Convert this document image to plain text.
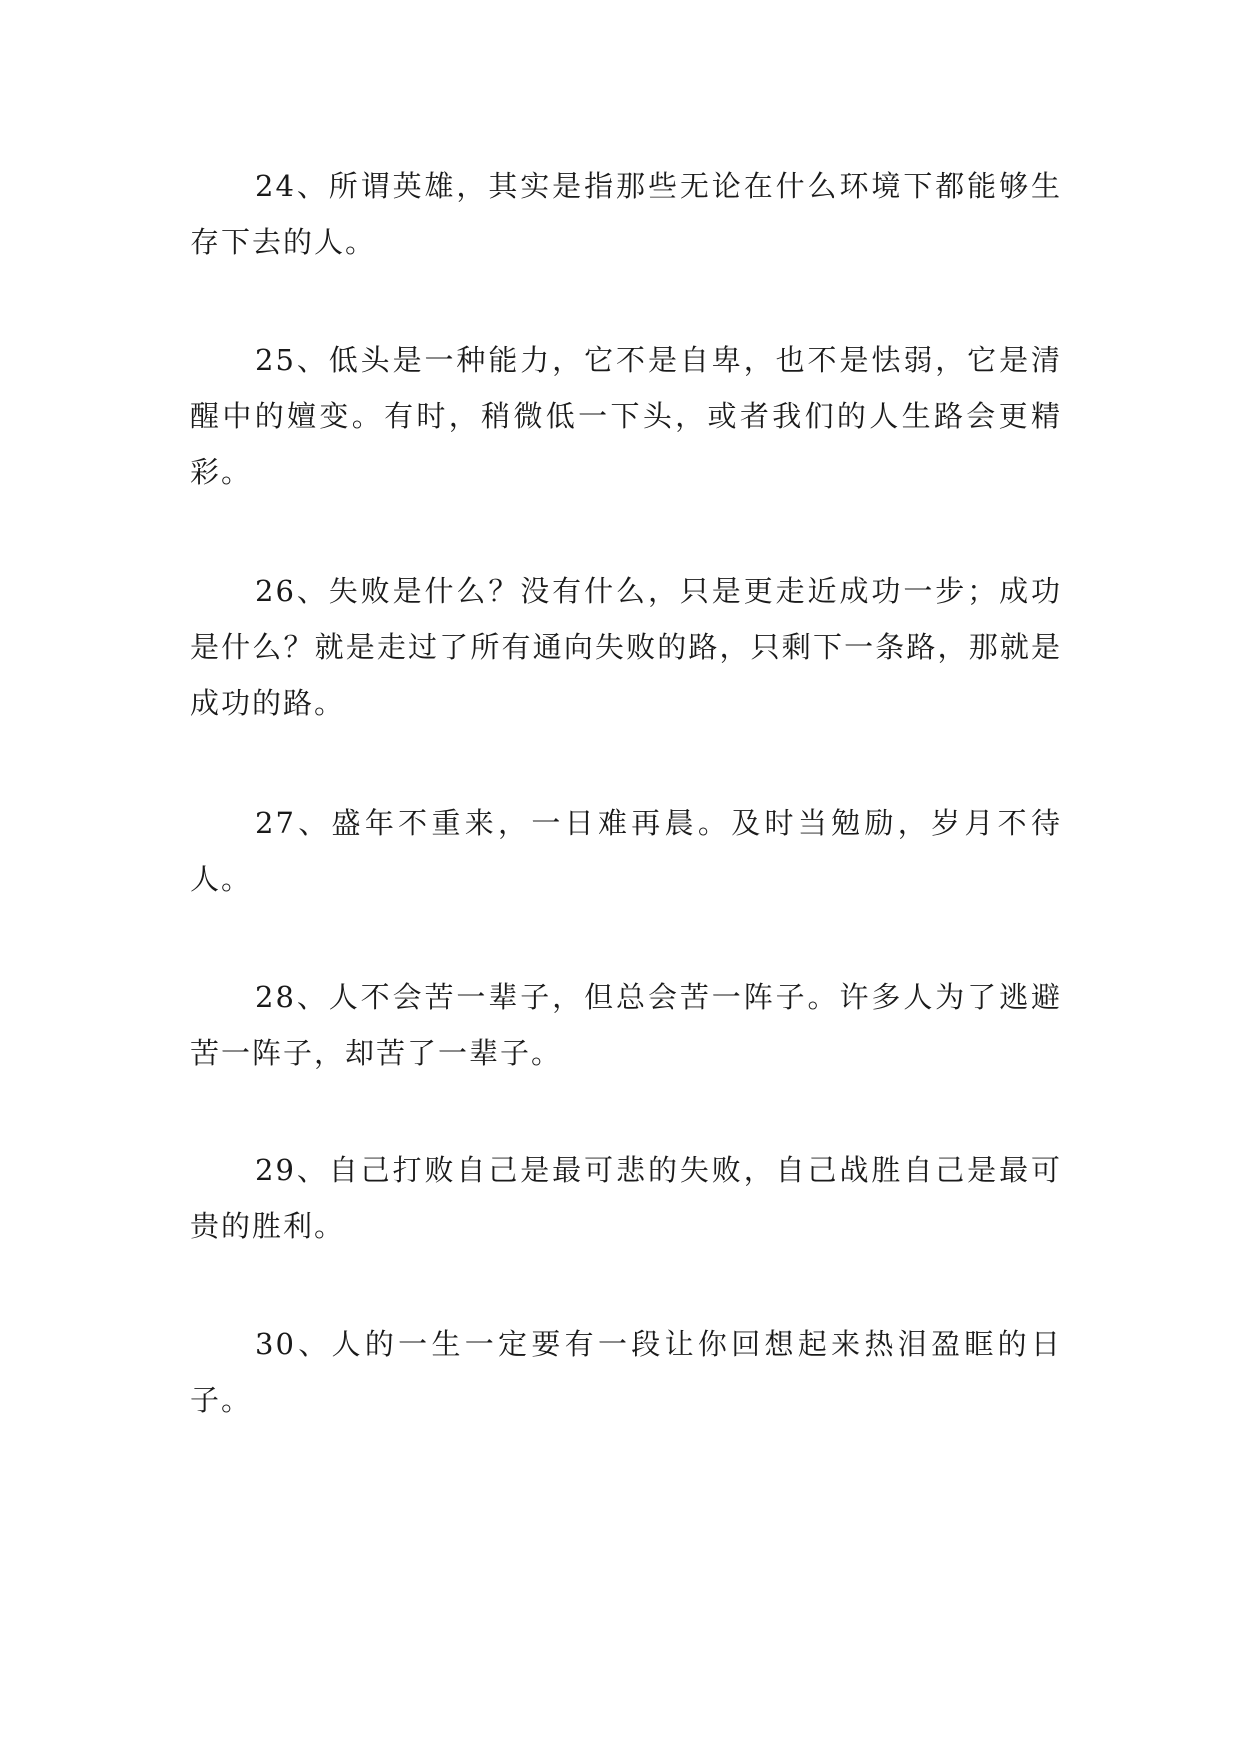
24、所谓英雄，其实是指那些无论在什么环境下都能够生存下去的人。

25、低头是一种能力，它不是自卑，也不是怯弱，它是清醒中的嬗变。有时，稍微低一下头，或者我们的人生路会更精彩。

26、失败是什么？没有什么，只是更走近成功一步；成功是什么？就是走过了所有通向失败的路，只剩下一条路，那就是成功的路。

27、盛年不重来，一日难再晨。及时当勉励，岁月不待人。

28、人不会苦一辈子，但总会苦一阵子。许多人为了逃避苦一阵子，却苦了一辈子。

29、自己打败自己是最可悲的失败，自己战胜自己是最可贵的胜利。

30、人的一生一定要有一段让你回想起来热泪盈眶的日子。
